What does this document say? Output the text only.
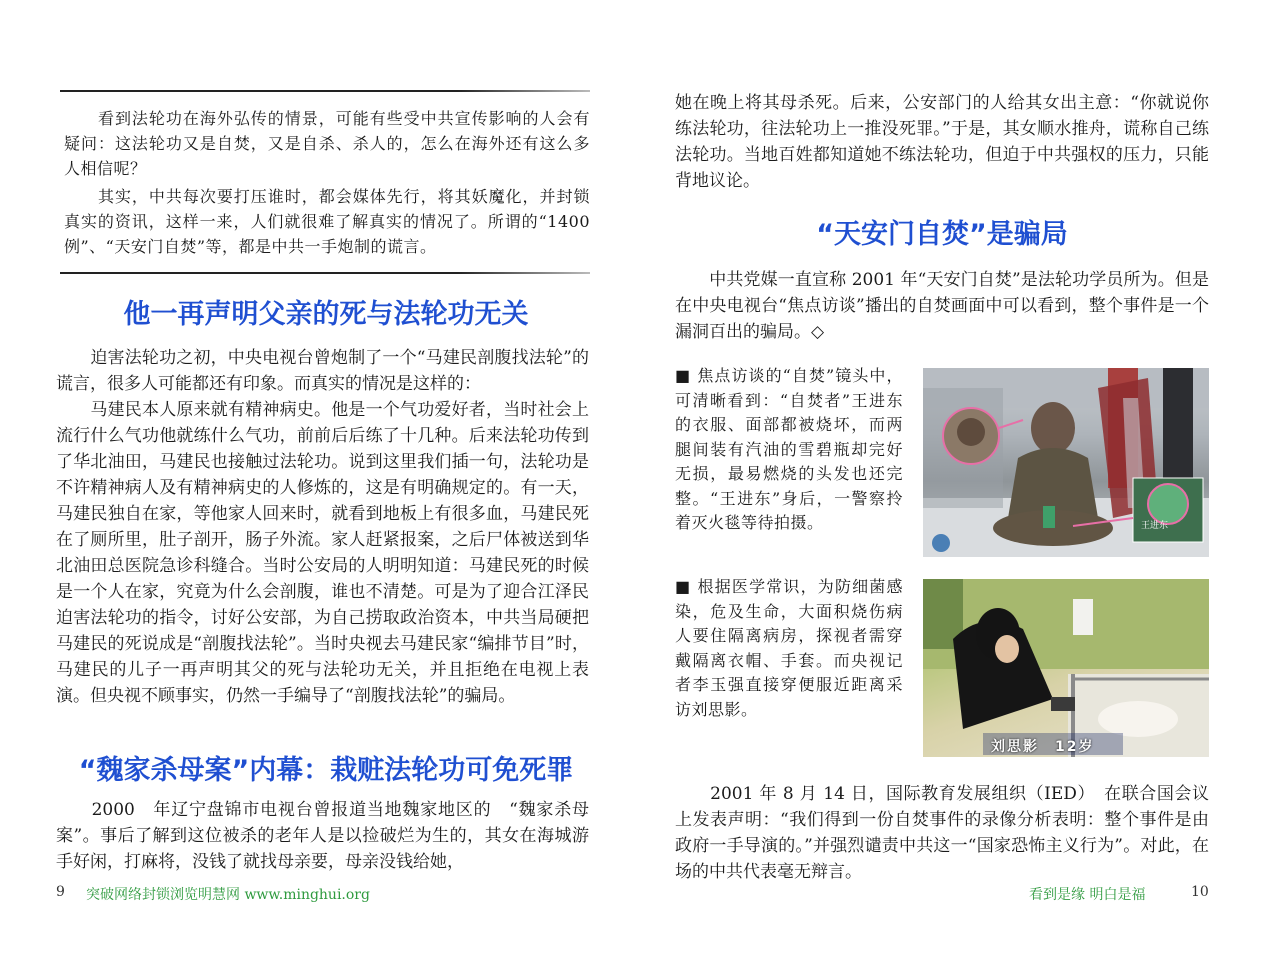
　　看到法轮功在海外弘传的情景，可能有些受中共宣传影响的人会有疑问：这法轮功又是自焚，又是自杀、杀人的，怎么在海外还有这么多人相信呢？

　　其实，中共每次要打压谁时，都会媒体先行，将其妖魔化，并封锁真实的资讯，这样一来，人们就很难了解真实的情况了。所谓的“1400例”、“天安门自焚”等，都是中共一手炮制的谎言。

他一再声明父亲的死与法轮功无关

　　迫害法轮功之初，中央电视台曾炮制了一个“马建民剖腹找法轮”的谎言，很多人可能都还有印象。而真实的情况是这样的：

　　马建民本人原来就有精神病史。他是一个气功爱好者，当时社会上流行什么气功他就练什么气功，前前后后练了十几种。后来法轮功传到了华北油田，马建民也接触过法轮功。说到这里我们插一句，法轮功是不许精神病人及有精神病史的人修炼的，这是有明确规定的。有一天，马建民独自在家，等他家人回来时，就看到地板上有很多血，马建民死在了厕所里，肚子剖开，肠子外流。家人赶紧报案，之后尸体被送到华北油田总医院急诊科缝合。当时公安局的人明明知道：马建民死的时候是一个人在家，究竟为什么会剖腹，谁也不清楚。可是为了迎合江泽民迫害法轮功的指令，讨好公安部，为自己捞取政治资本，中共当局硬把马建民的死说成是“剖腹找法轮”。当时央视去马建民家“编排节目”时，马建民的儿子一再声明其父的死与法轮功无关，并且拒绝在电视上表演。但央视不顾事实，仍然一手编导了“剖腹找法轮”的骗局。

“魏家杀母案”内幕：栽赃法轮功可免死罪

　　2000　年辽宁盘锦市电视台曾报道当地魏家地区的　“魏家杀母案”。事后了解到这位被杀的老年人是以捡破烂为生的，其女在海城游手好闲，打麻将，没钱了就找母亲要，母亲没钱给她，

9 突破网络封锁浏览明慧网 www.minghui.org

她在晚上将其母杀死。后来，公安部门的人给其女出主意：“你就说你练法轮功，往法轮功上一推没死罪。”于是，其女顺水推舟，谎称自己练法轮功。当地百姓都知道她不练法轮功，但迫于中共强权的压力，只能背地议论。

“天安门自焚”是骗局

　　中共党媒一直宣称 2001 年“天安门自焚”是法轮功学员所为。但是在中央电视台“焦点访谈”播出的自焚画面中可以看到，整个事件是一个漏洞百出的骗局。◇

■ 焦点访谈的“自焚”镜头中，可清晰看到：“自焚者”王进东的衣服、面部都被烧坏，而两腿间装有汽油的雪碧瓶却完好无损，最易燃烧的头发也还完整。“王进东”身后，一警察拎着灭火毯等待拍摄。	王进东

■ 根据医学常识，为防细菌感染，危及生命，大面积烧伤病人要住隔离病房，探视者需穿戴隔离衣帽、手套。而央视记者李玉强直接穿便服近距离采访刘思影。

刘思影　12岁

　　2001 年 8 月 14 日，国际教育发展组织（IED）　在联合国会议上发表声明：“我们得到一份自焚事件的录像分析表明：整个事件是由政府一手导演的。”并强烈谴责中共这一“国家恐怖主义行为”。对此，在场的中共代表毫无辩言。

看到是缘 明白是福	10
